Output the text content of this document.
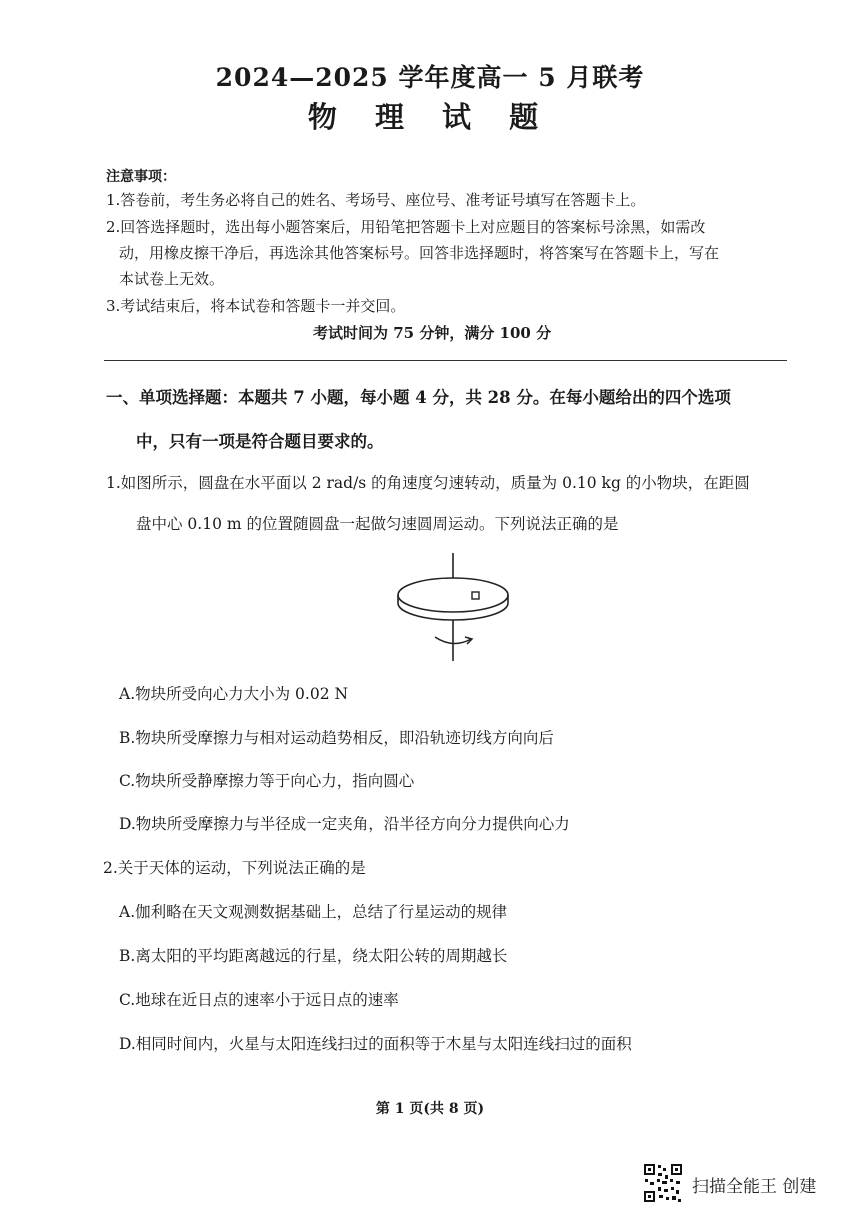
2024—2025 学年度高一 5 月联考
物 理 试 题
注意事项：
1.答卷前，考生务必将自己的姓名、考场号、座位号、准考证号填写在答题卡上。
2.回答选择题时，选出每小题答案后，用铅笔把答题卡上对应题目的答案标号涂黑，如需改
动，用橡皮擦干净后，再选涂其他答案标号。回答非选择题时，将答案写在答题卡上，写在
本试卷上无效。
3.考试结束后，将本试卷和答题卡一并交回。
考试时间为 75 分钟，满分 100 分
一、单项选择题：本题共 7 小题，每小题 4 分，共 28 分。在每小题给出的四个选项
中，只有一项是符合题目要求的。
1.如图所示，圆盘在水平面以 2 rad/s 的角速度匀速转动，质量为 0.10 kg 的小物块，在距圆
盘中心 0.10 m 的位置随圆盘一起做匀速圆周运动。下列说法正确的是
A.物块所受向心力大小为 0.02 N
B.物块所受摩擦力与相对运动趋势相反，即沿轨迹切线方向向后
C.物块所受静摩擦力等于向心力，指向圆心
D.物块所受摩擦力与半径成一定夹角，沿半径方向分力提供向心力
2.关于天体的运动，下列说法正确的是
A.伽利略在天文观测数据基础上，总结了行星运动的规律
B.离太阳的平均距离越远的行星，绕太阳公转的周期越长
C.地球在近日点的速率小于远日点的速率
D.相同时间内，火星与太阳连线扫过的面积等于木星与太阳连线扫过的面积
第 1 页(共 8 页)
扫描全能王 创建
